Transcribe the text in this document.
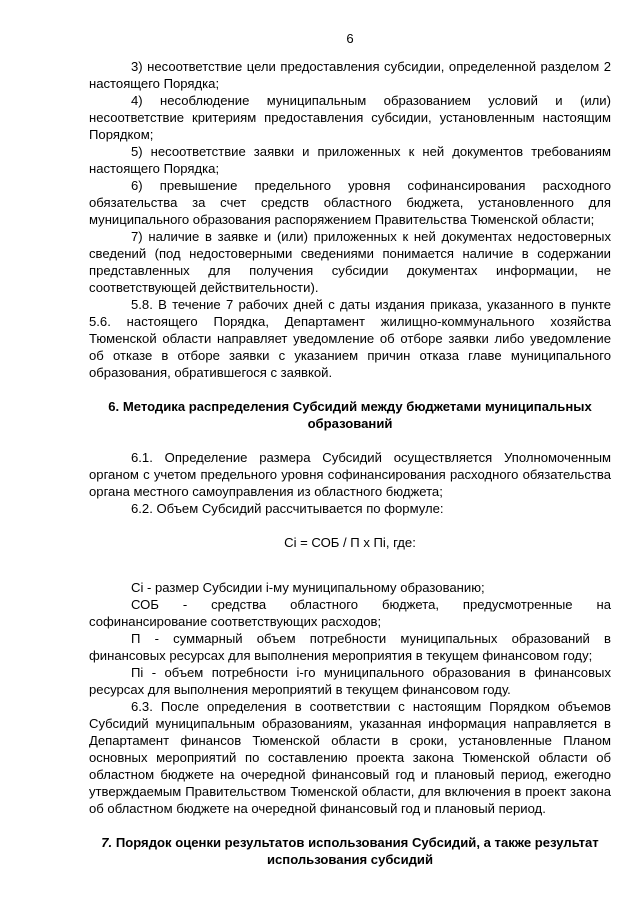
6

3) несоответствие цели предоставления субсидии, определенной разделом 2 настоящего Порядка;

4) несоблюдение муниципальным образованием условий и (или) несоответствие критериям предоставления субсидии, установленным настоящим Порядком;

5) несоответствие заявки и приложенных к ней документов требованиям настоящего Порядка;

6) превышение предельного уровня софинансирования расходного обязательства за счет средств областного бюджета, установленного для муниципального образования распоряжением Правительства Тюменской области;

7) наличие в заявке и (или) приложенных к ней документах недостоверных сведений (под недостоверными сведениями понимается наличие в содержании представленных для получения субсидии документах информации, не соответствующей действительности).

5.8. В течение 7 рабочих дней с даты издания приказа, указанного в пункте 5.6. настоящего Порядка, Департамент жилищно-коммунального хозяйства Тюменской области направляет уведомление об отборе заявки либо уведомление об отказе в отборе заявки с указанием причин отказа главе муниципального образования, обратившегося с заявкой.

6. Методика распределения Субсидий между бюджетами муниципальных образований

6.1. Определение размера Субсидий осуществляется Уполномоченным органом с учетом предельного уровня софинансирования расходного обязательства органа местного самоуправления из областного бюджета;

6.2. Объем Субсидий рассчитывается по формуле:

Сi = СОБ / П x Пi, где:

Сi - размер Субсидии i-му муниципальному образованию;

СОБ - средства областного бюджета, предусмотренные на софинансирование соответствующих расходов;

П - суммарный объем потребности муниципальных образований в финансовых ресурсах для выполнения мероприятия в текущем финансовом году;

Пi - объем потребности i-го муниципального образования в финансовых ресурсах для выполнения мероприятий в текущем финансовом году.

6.3. После определения в соответствии с настоящим Порядком объемов Субсидий муниципальным образованиям, указанная информация направляется в Департамент финансов Тюменской области в сроки, установленные Планом основных мероприятий по составлению проекта закона Тюменской области об областном бюджете на очередной финансовый год и плановый период, ежегодно утверждаемым Правительством Тюменской области, для включения в проект закона об областном бюджете на очередной финансовый год и плановый период.

7. Порядок оценки результатов использования Субсидий, а также результат использования субсидий
